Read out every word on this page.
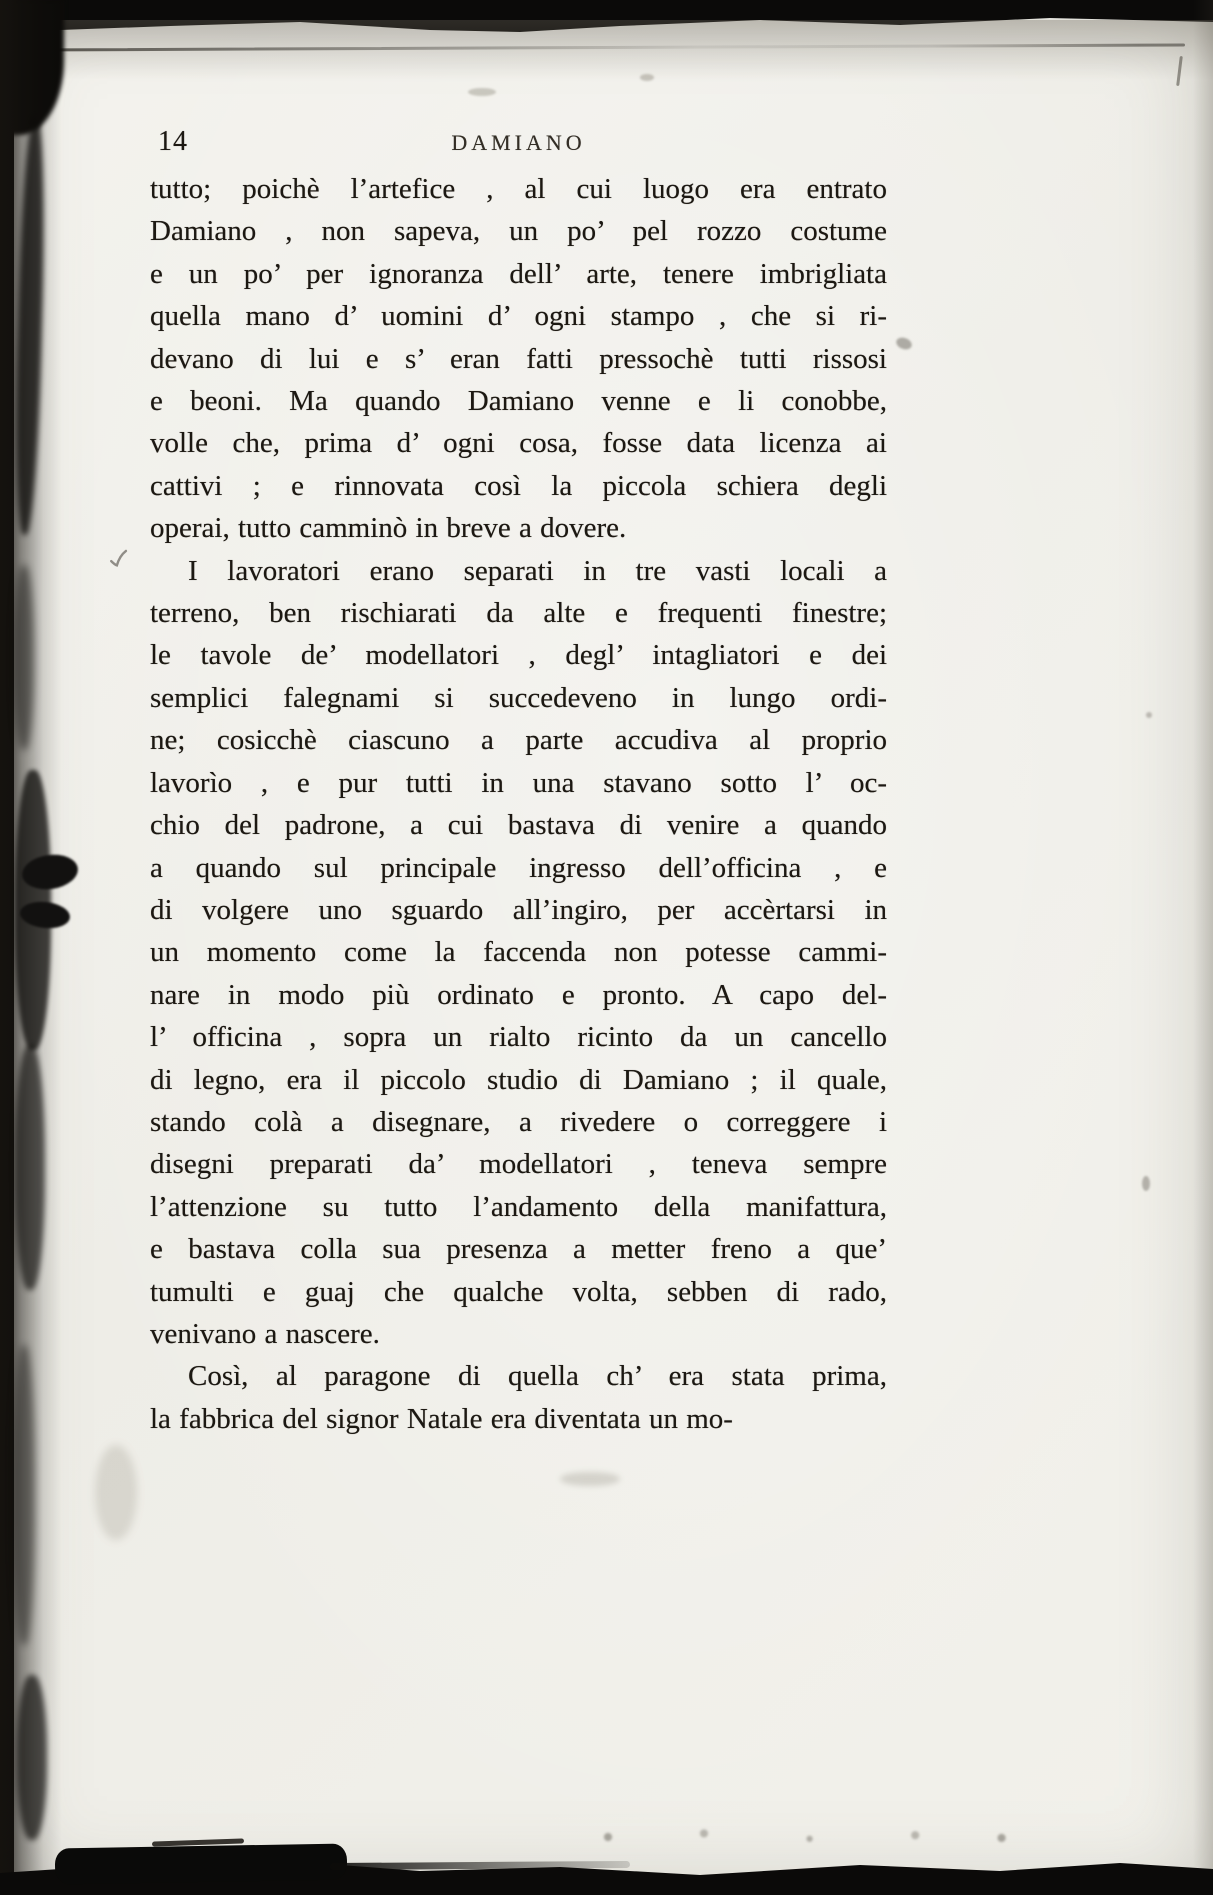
14	DAMIANO
tutto; poichè l’artefice , al cui luogo era entrato
Damiano , non sapeva, un po’ pel rozzo costume
e un po’ per ignoranza dell’ arte, tenere imbrigliata
quella mano d’ uomini d’ ogni stampo , che si ri-
devano di lui e s’ eran fatti pressochè tutti rissosi
e beoni. Ma quando Damiano venne e li conobbe,
volle che, prima d’ ogni cosa, fosse data licenza ai
cattivi ; e rinnovata così la piccola schiera degli
operai, tutto camminò in breve a dovere.
I lavoratori erano separati in tre vasti locali a
terreno, ben rischiarati da alte e frequenti finestre;
le tavole de’ modellatori , degl’ intagliatori e dei
semplici falegnami si succedeveno in lungo ordi-
ne; cosicchè ciascuno a parte accudiva al proprio
lavorìo , e pur tutti in una stavano sotto l’ oc-
chio del padrone, a cui bastava di venire a quando
a quando sul principale ingresso dell’officina , e
di volgere uno sguardo all’ingiro, per accèrtarsi in
un momento come la faccenda non potesse cammi-
nare in modo più ordinato e pronto. A capo del-
l’ officina , sopra un rialto ricinto da un cancello
di legno, era il piccolo studio di Damiano ; il quale,
stando colà a disegnare, a rivedere o correggere i
disegni preparati da’ modellatori , teneva sempre
l’attenzione su tutto l’andamento della manifattura,
e bastava colla sua presenza a metter freno a que’
tumulti e guaj che qualche volta, sebben di rado,
venivano a nascere.
Così, al paragone di quella ch’ era stata prima,
la fabbrica del signor Natale era diventata un mo-
